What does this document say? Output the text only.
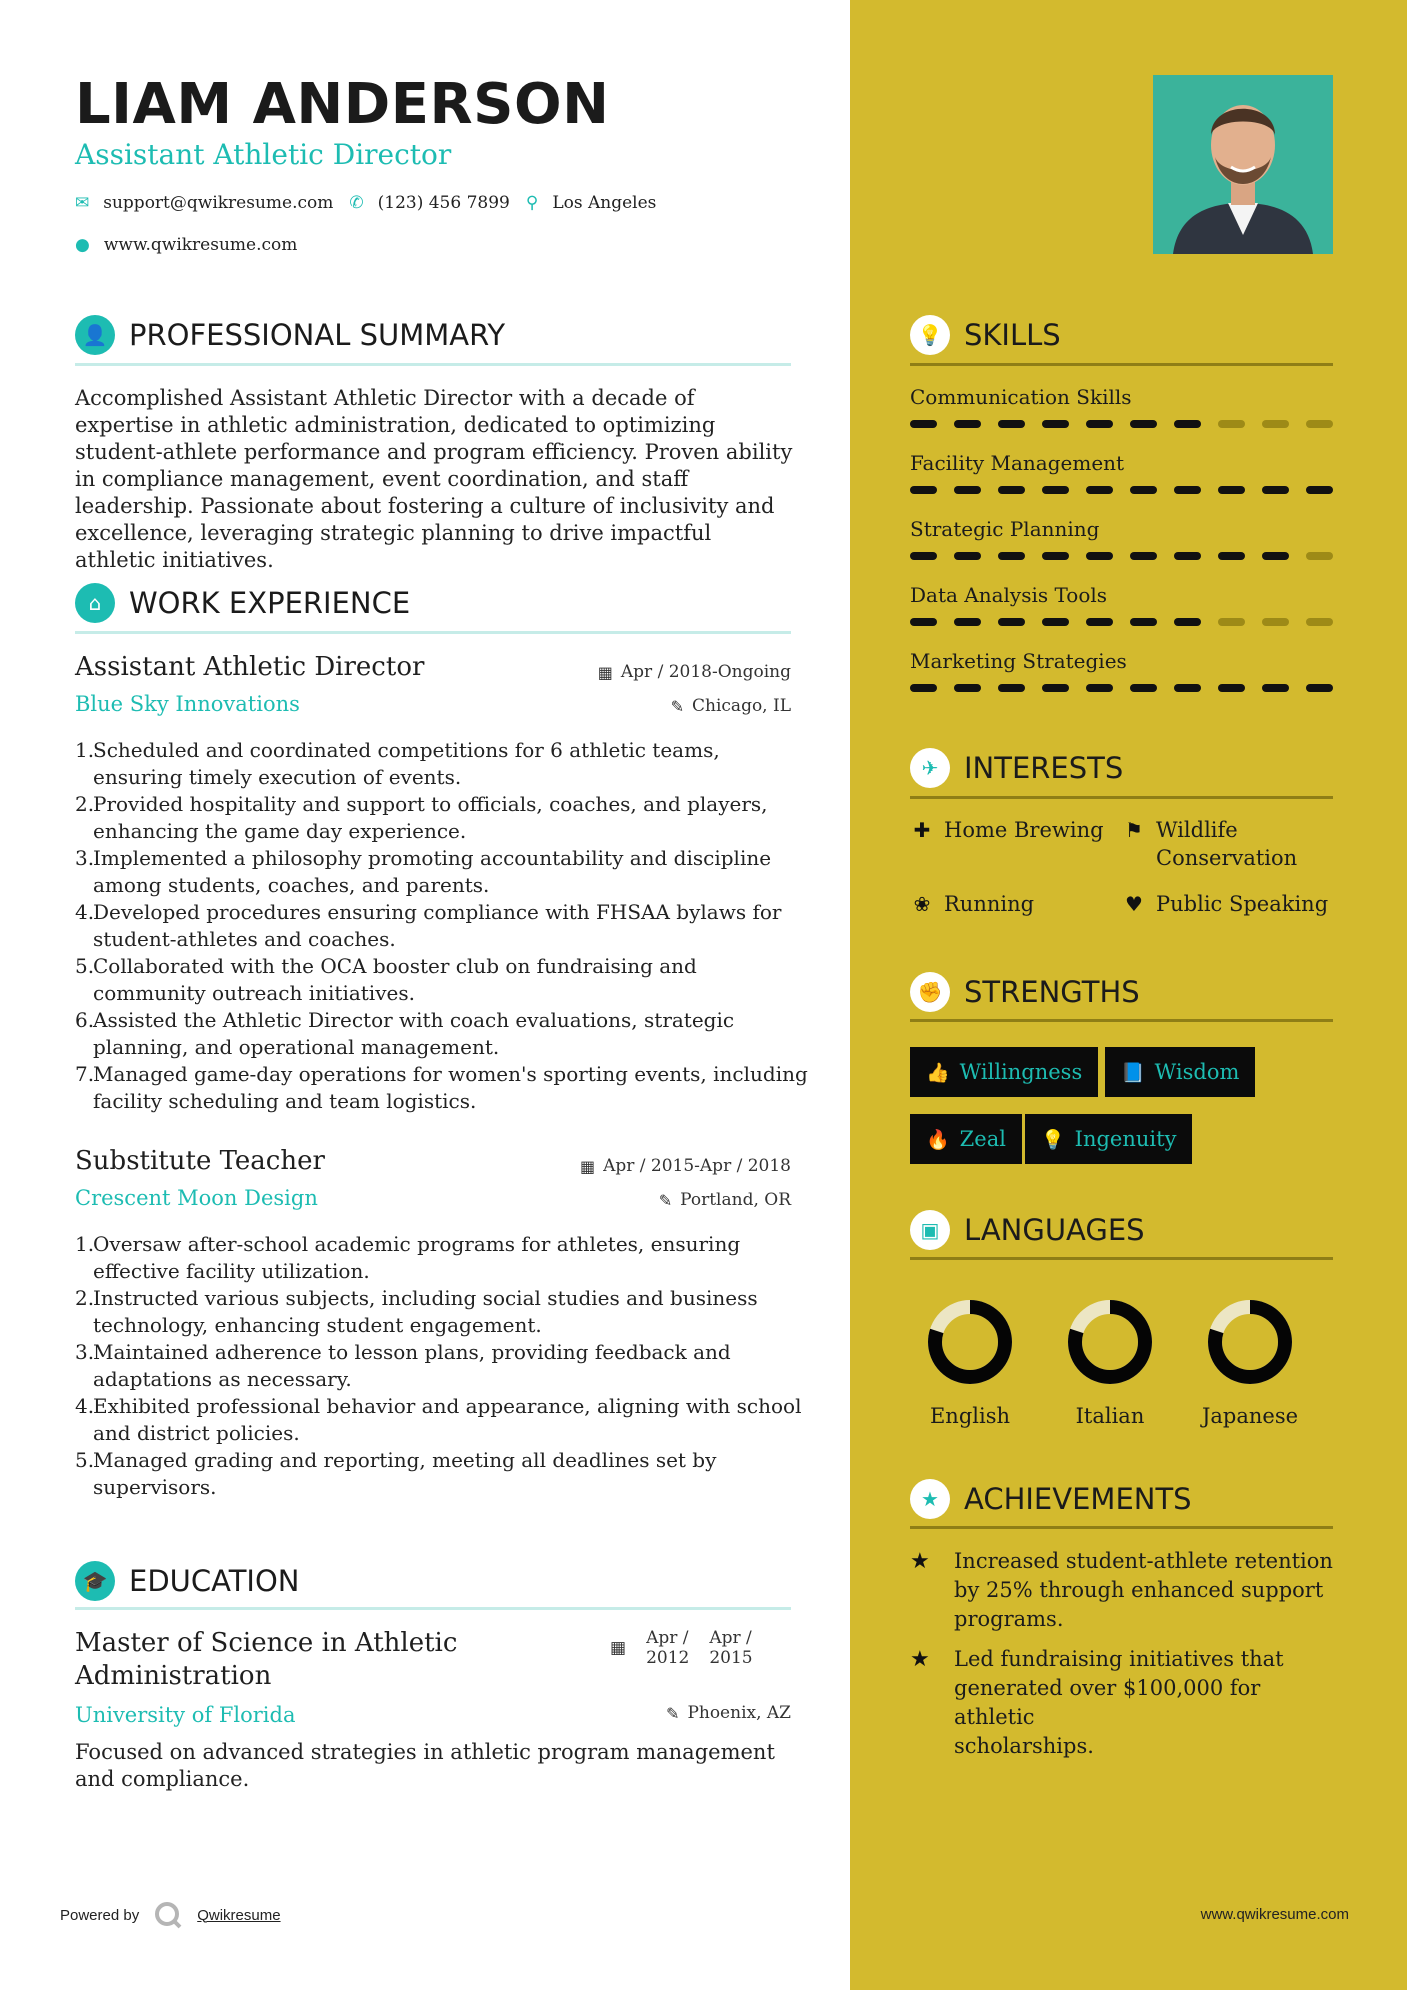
LIAM ANDERSON
Assistant Athletic Director
✉ support@qwikresume.com ✆ (123) 456 7899 ⚲ Los Angeles
● www.qwikresume.com
👤 PROFESSIONAL SUMMARY
Accomplished Assistant Athletic Director with a decade of expertise in athletic administration, dedicated to optimizing student-athlete performance and program efficiency. Proven ability in compliance management, event coordination, and staff leadership. Passionate about fostering a culture of inclusivity and excellence, leveraging strategic planning to drive impactful athletic initiatives.
⌂ WORK EXPERIENCE
Assistant Athletic Director	▦ Apr / 2018-Ongoing
Blue Sky Innovations	✎ Chicago, IL
Scheduled and coordinated competitions for 6 athletic teams, ensuring timely execution of events.
Provided hospitality and support to officials, coaches, and players, enhancing the game day experience.
Implemented a philosophy promoting accountability and discipline among students, coaches, and parents.
Developed procedures ensuring compliance with FHSAA bylaws for student-athletes and coaches.
Collaborated with the OCA booster club on fundraising and community outreach initiatives.
Assisted the Athletic Director with coach evaluations, strategic planning, and operational management.
Managed game-day operations for women's sporting events, including facility scheduling and team logistics.
Substitute Teacher	▦ Apr / 2015-Apr / 2018
Crescent Moon Design	✎ Portland, OR
Oversaw after-school academic programs for athletes, ensuring effective facility utilization.
Instructed various subjects, including social studies and business technology, enhancing student engagement.
Maintained adherence to lesson plans, providing feedback and adaptations as necessary.
Exhibited professional behavior and appearance, aligning with school and district policies.
Managed grading and reporting, meeting all deadlines set by supervisors.
🎓 EDUCATION
Master of Science in Athletic
Administration
▦ Apr /
2012
Apr /
2015
University of Florida	✎ Phoenix, AZ
Focused on advanced strategies in athletic program management and compliance.
Powered by	Qwikresume
💡 SKILLS
Communication Skills
Facility Management
Strategic Planning
Data Analysis Tools
Marketing Strategies
✈ INTERESTS
✚ Home Brewing ⚑ Wildlife
Conservation
❀ Running	♥ Public Speaking
✊ STRENGTHS
👍 Willingness 📘 Wisdom
🔥 Zeal 💡 Ingenuity
▣ LANGUAGES
English	Italian	Japanese
★ ACHIEVEMENTS
★	Increased student-athlete retention
by 25% through enhanced support
programs.
★	Led fundraising initiatives that
generated over $100,000 for athletic
scholarships.
www.qwikresume.com
